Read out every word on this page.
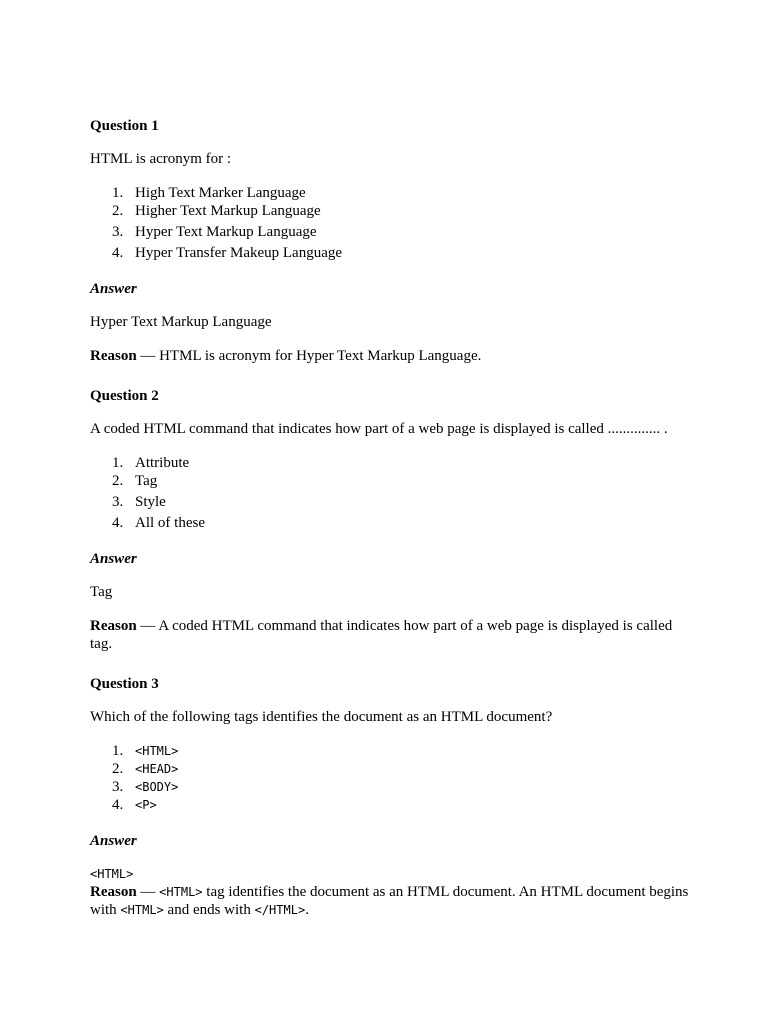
Question 1

HTML is acronym for :

1. High Text Marker Language
2. Higher Text Markup Language
3. Hyper Text Markup Language
4. Hyper Transfer Makeup Language

Answer

Hyper Text Markup Language

Reason — HTML is acronym for Hyper Text Markup Language.

Question 2

A coded HTML command that indicates how part of a web page is displayed is called .............. .

1. Attribute
2. Tag
3. Style
4. All of these

Answer

Tag

Reason — A coded HTML command that indicates how part of a web page is displayed is called tag.

Question 3

Which of the following tags identifies the document as an HTML document?

1. <HTML>
2. <HEAD>
3. <BODY>
4. <P>

Answer

<HTML>

Reason — <HTML> tag identifies the document as an HTML document. An HTML document begins with <HTML> and ends with </HTML>.
